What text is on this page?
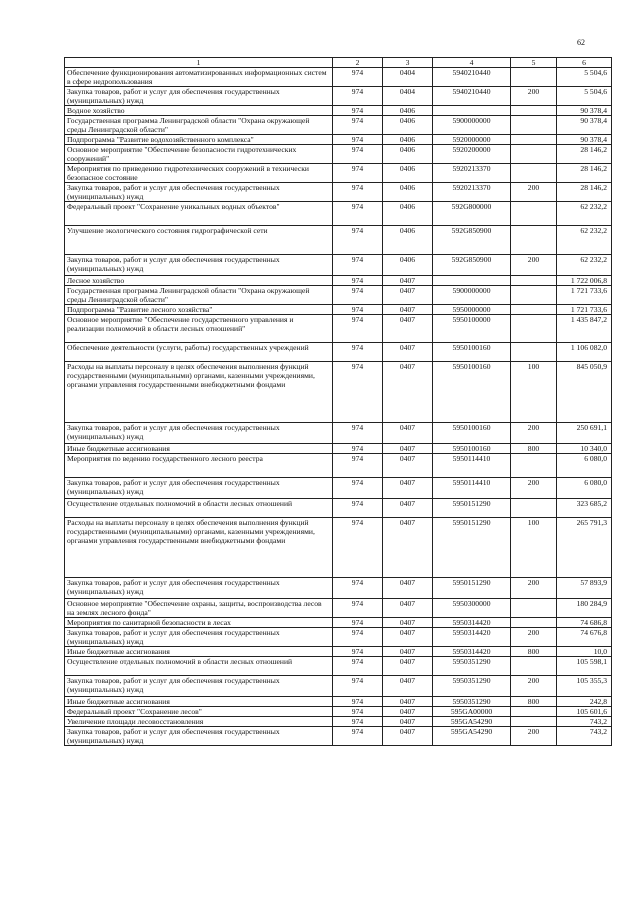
62
1	2	3	4	5	6
Обеспечение функционирования автоматизированных информационных систем в сфере недропользования	974	0404	5940210440		5 504,6
Закупка товаров, работ и услуг для обеспечения государственных (муниципальных) нужд	974	0404	5940210440	200	5 504,6
Водное хозяйство	974	0406			90 378,4
Государственная программа Ленинградской области "Охрана окружающей среды Ленинградской области"	974	0406	5900000000		90 378,4
Подпрограмма "Развитие водохозяйственного комплекса"	974	0406	5920000000		90 378,4
Основное мероприятие "Обеспечение безопасности гидротехнических сооружений"	974	0406	5920200000		28 146,2
Мероприятия по приведению гидротехнических сооружений в технически безопасное состояние	974	0406	5920213370		28 146,2
Закупка товаров, работ и услуг для обеспечения государственных (муниципальных) нужд	974	0406	5920213370	200	28 146,2
Федеральный проект "Сохранение уникальных водных объектов"	974	0406	592G800000		62 232,2
Улучшение экологического состояния гидрографической сети	974	0406	592G850900		62 232,2
Закупка товаров, работ и услуг для обеспечения государственных (муниципальных) нужд	974	0406	592G850900	200	62 232,2
Лесное хозяйство	974	0407			1 722 006,8
Государственная программа Ленинградской области "Охрана окружающей среды Ленинградской области"	974	0407	5900000000		1 721 733,6
Подпрограмма "Развитие лесного хозяйства"	974	0407	5950000000		1 721 733,6
Основное мероприятие "Обеспечение государственного управления и реализации полномочий в области лесных отношений"	974	0407	5950100000		1 435 847,2
Обеспечение деятельности (услуги, работы) государственных учреждений	974	0407	5950100160		1 106 082,0
Расходы на выплаты персоналу в целях обеспечения выполнения функций государственными (муниципальными) органами, казенными учреждениями, органами управления государственными внебюджетными фондами	974	0407	5950100160	100	845 050,9
Закупка товаров, работ и услуг для обеспечения государственных (муниципальных) нужд	974	0407	5950100160	200	250 691,1
Иные бюджетные ассигнования	974	0407	5950100160	800	10 340,0
Мероприятия по ведению государственного лесного реестра	974	0407	5950114410		6 080,0
Закупка товаров, работ и услуг для обеспечения государственных (муниципальных) нужд	974	0407	5950114410	200	6 080,0
Осуществление отдельных полномочий в области лесных отношений	974	0407	5950151290		323 685,2
Расходы на выплаты персоналу в целях обеспечения выполнения функций государственными (муниципальными) органами, казенными учреждениями, органами управления государственными внебюджетными фондами	974	0407	5950151290	100	265 791,3
Закупка товаров, работ и услуг для обеспечения государственных (муниципальных) нужд	974	0407	5950151290	200	57 893,9
Основное мероприятие "Обеспечение охраны, защиты, воспроизводства лесов на землях лесного фонда"	974	0407	5950300000		180 284,9
Мероприятия по санитарной безопасности в лесах	974	0407	5950314420		74 686,8
Закупка товаров, работ и услуг для обеспечения государственных (муниципальных) нужд	974	0407	5950314420	200	74 676,8
Иные бюджетные ассигнования	974	0407	5950314420	800	10,0
Осуществление отдельных полномочий в области лесных отношений	974	0407	5950351290		105 598,1
Закупка товаров, работ и услуг для обеспечения государственных (муниципальных) нужд	974	0407	5950351290	200	105 355,3
Иные бюджетные ассигнования	974	0407	5950351290	800	242,8
Федеральный проект "Сохранение лесов"	974	0407	595GA00000		105 601,6
Увеличение площади лесовосстановления	974	0407	595GA54290		743,2
Закупка товаров, работ и услуг для обеспечения государственных (муниципальных) нужд	974	0407	595GA54290	200	743,2
